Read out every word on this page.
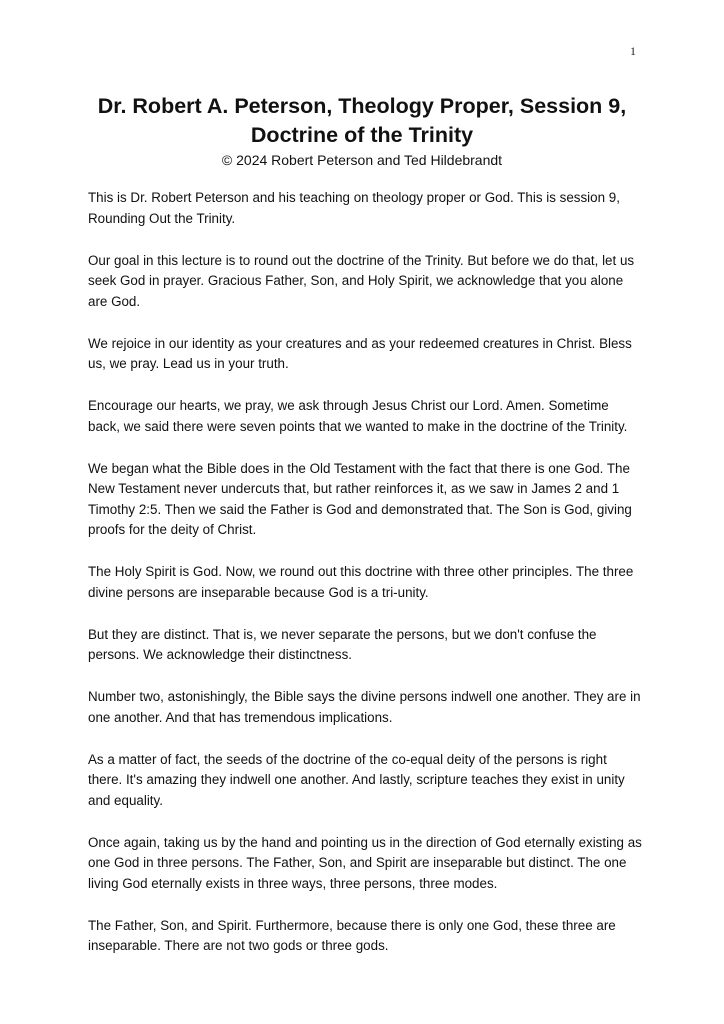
1
Dr. Robert A. Peterson, Theology Proper, Session 9, Doctrine of the Trinity

© 2024 Robert Peterson and Ted Hildebrandt

This is Dr. Robert Peterson and his teaching on theology proper or God. This is session 9, Rounding Out the Trinity.

Our goal in this lecture is to round out the doctrine of the Trinity. But before we do that, let us seek God in prayer. Gracious Father, Son, and Holy Spirit, we acknowledge that you alone are God.

We rejoice in our identity as your creatures and as your redeemed creatures in Christ. Bless us, we pray. Lead us in your truth.

Encourage our hearts, we pray, we ask through Jesus Christ our Lord. Amen. Sometime back, we said there were seven points that we wanted to make in the doctrine of the Trinity.

We began what the Bible does in the Old Testament with the fact that there is one God. The New Testament never undercuts that, but rather reinforces it, as we saw in James 2 and 1 Timothy 2:5. Then we said the Father is God and demonstrated that. The Son is God, giving proofs for the deity of Christ.

The Holy Spirit is God. Now, we round out this doctrine with three other principles. The three divine persons are inseparable because God is a tri-unity.

But they are distinct. That is, we never separate the persons, but we don't confuse the persons. We acknowledge their distinctness.

Number two, astonishingly, the Bible says the divine persons indwell one another. They are in one another. And that has tremendous implications.

As a matter of fact, the seeds of the doctrine of the co-equal deity of the persons is right there. It's amazing they indwell one another. And lastly, scripture teaches they exist in unity and equality.

Once again, taking us by the hand and pointing us in the direction of God eternally existing as one God in three persons. The Father, Son, and Spirit are inseparable but distinct. The one living God eternally exists in three ways, three persons, three modes.

The Father, Son, and Spirit. Furthermore, because there is only one God, these three are inseparable. There are not two gods or three gods.
